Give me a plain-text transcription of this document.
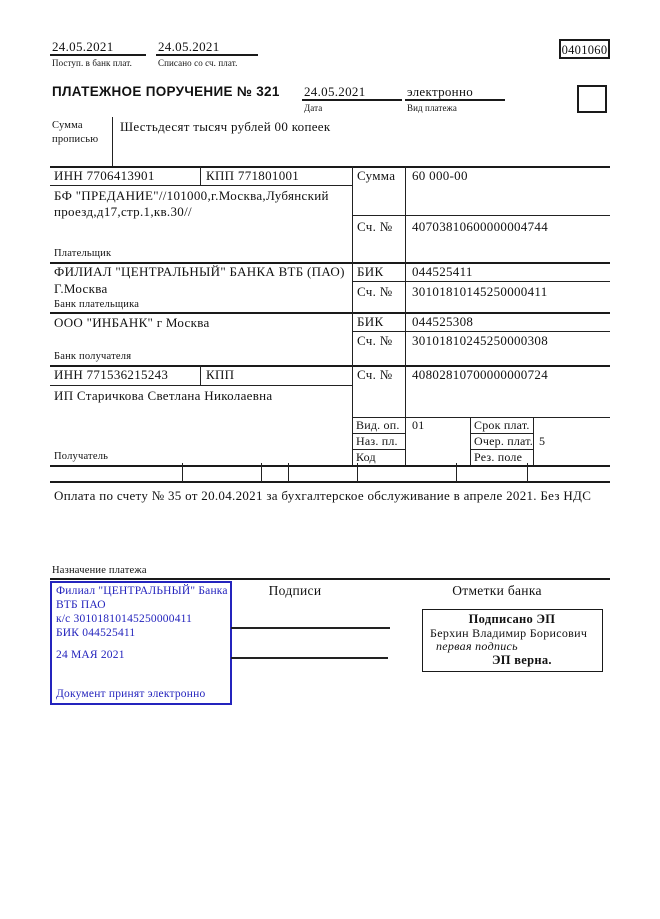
24.05.2021
Поступ. в банк плат.
24.05.2021
Списано со сч. плат.
0401060
ПЛАТЕЖНОЕ ПОРУЧЕНИЕ № 321 24.05.2021
Дата
электронно
Вид платежа
Сумма
прописью
Шестьдесят тысяч рублей 00 копеек
ИНН 7706413901	КПП 771801001
БФ "ПРЕДАНИЕ"//101000,г.Москва,Лубянский
проезд,д17,стр.1,кв.30//
Плательщик
Сумма 60 000-00
Сч. № 40703810600000004744
ФИЛИАЛ "ЦЕНТРАЛЬНЫЙ" БАНКА ВТБ (ПАО)
Г.Москва
Банк плательщика
БИК 044525411
Сч. № 30101810145250000411
ООО "ИНБАНК" г Москва
Банк получателя
БИК 044525308
Сч. № 30101810245250000308
ИНН 771536215243	КПП	Сч. № 40802810700000000724
ИП Старичкова Светлана Николаевна
Получатель
Вид. оп. 01	Срок плат.
Наз. пл.	Очер. плат. 5
Код	Рез. поле
Оплата по счету № 35 от 20.04.2021 за бухгалтерское обслуживание в апреле 2021. Без НДС
Назначение платежа
Филиал "ЦЕНТРАЛЬНЫЙ" Банка
ВТБ ПАО
к/с 30101810145250000411
БИК 044525411
24 МАЯ 2021
Документ принят электронно
Подписи	Отметки банка
Подписано ЭП
Берхин Владимир Борисович
первая подпись
ЭП верна.
